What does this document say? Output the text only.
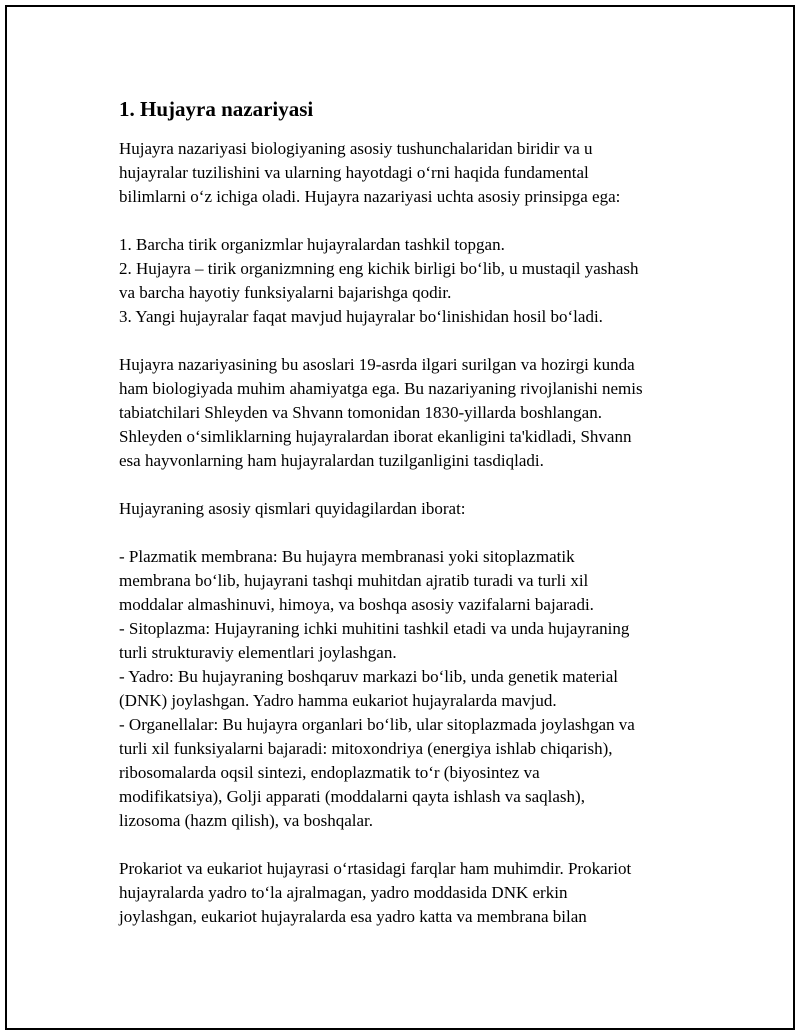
1. Hujayra nazariyasi

Hujayra nazariyasi biologiyaning asosiy tushunchalaridan biridir va u
hujayralar tuzilishini va ularning hayotdagi o‘rni haqida fundamental
bilimlarni o‘z ichiga oladi. Hujayra nazariyasi uchta asosiy prinsipga ega:

1. Barcha tirik organizmlar hujayralardan tashkil topgan.
2. Hujayra – tirik organizmning eng kichik birligi bo‘lib, u mustaqil yashash
va barcha hayotiy funksiyalarni bajarishga qodir.
3. Yangi hujayralar faqat mavjud hujayralar bo‘linishidan hosil bo‘ladi.

Hujayra nazariyasining bu asoslari 19-asrda ilgari surilgan va hozirgi kunda
ham biologiyada muhim ahamiyatga ega. Bu nazariyaning rivojlanishi nemis
tabiatchilari Shleyden va Shvann tomonidan 1830-yillarda boshlangan.
Shleyden o‘simliklarning hujayralardan iborat ekanligini ta'kidladi, Shvann
esa hayvonlarning ham hujayralardan tuzilganligini tasdiqladi.

Hujayraning asosiy qismlari quyidagilardan iborat:

- Plazmatik membrana: Bu hujayra membranasi yoki sitoplazmatik
membrana bo‘lib, hujayrani tashqi muhitdan ajratib turadi va turli xil
moddalar almashinuvi, himoya, va boshqa asosiy vazifalarni bajaradi.
- Sitoplazma: Hujayraning ichki muhitini tashkil etadi va unda hujayraning
turli strukturaviy elementlari joylashgan.
- Yadro: Bu hujayraning boshqaruv markazi bo‘lib, unda genetik material
(DNK) joylashgan. Yadro hamma eukariot hujayralarda mavjud.
- Organellalar: Bu hujayra organlari bo‘lib, ular sitoplazmada joylashgan va
turli xil funksiyalarni bajaradi: mitoxondriya (energiya ishlab chiqarish),
ribosomalarda oqsil sintezi, endoplazmatik to‘r (biyosintez va
modifikatsiya), Golji apparati (moddalarni qayta ishlash va saqlash),
lizosoma (hazm qilish), va boshqalar.

Prokariot va eukariot hujayrasi o‘rtasidagi farqlar ham muhimdir. Prokariot
hujayralarda yadro to‘la ajralmagan, yadro moddasida DNK erkin
joylashgan, eukariot hujayralarda esa yadro katta va membrana bilan
